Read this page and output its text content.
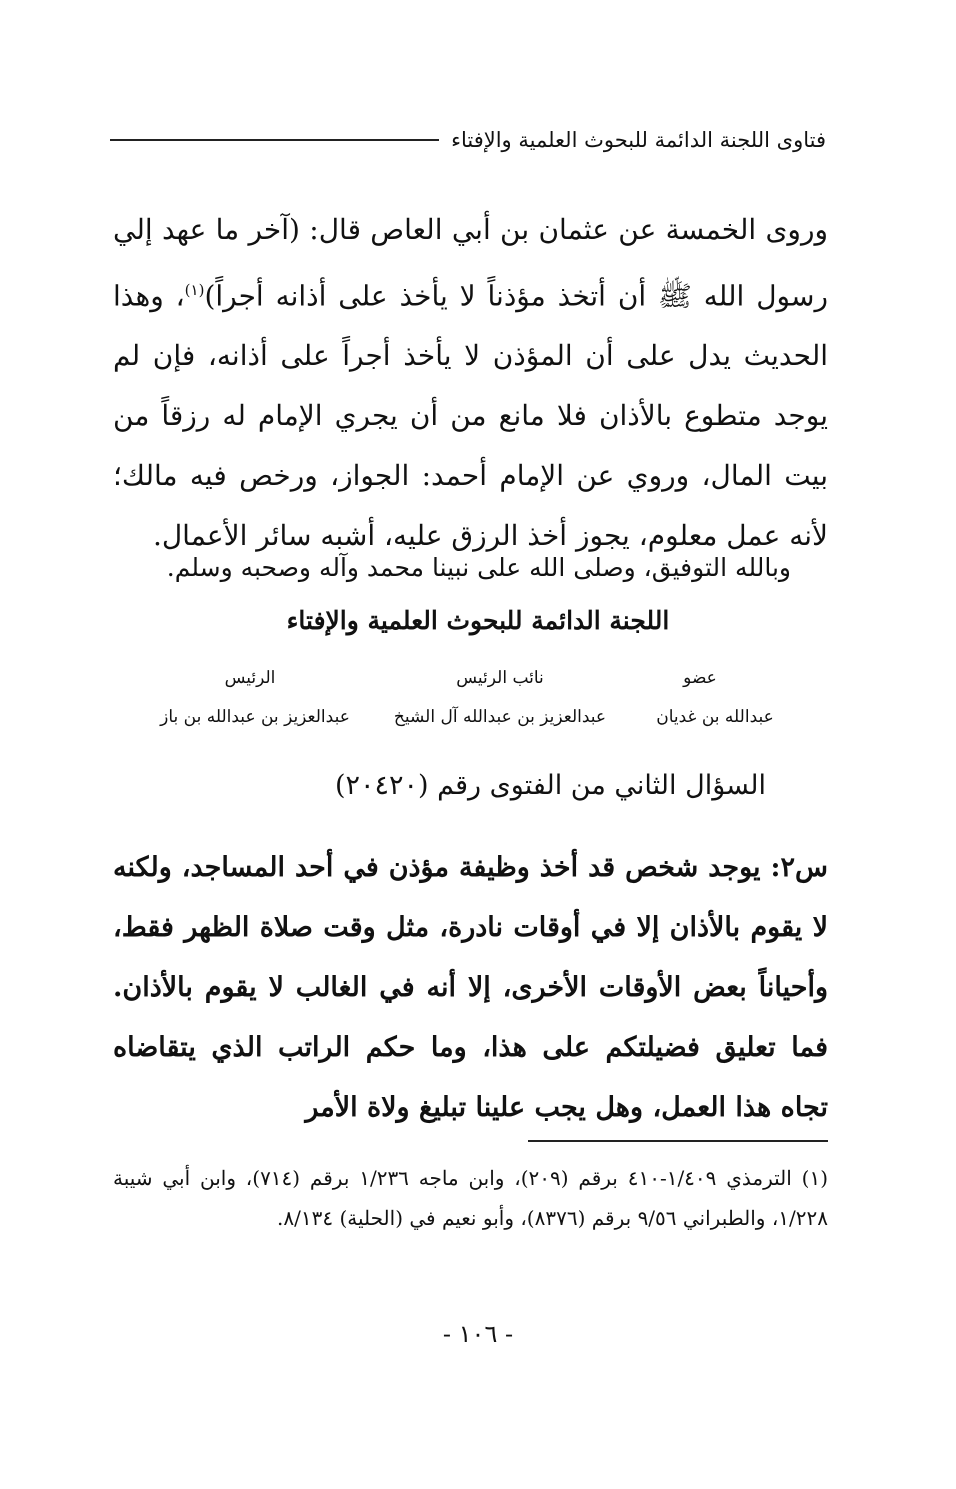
فتاوى اللجنة الدائمة للبحوث العلمية والإفتاء

وروى الخمسة عن عثمان بن أبي العاص قال: (آخر ما عهد إلي رسول الله ﷺ أن أتخذ مؤذناً لا يأخذ على أذانه أجراً)$^{(١)}$، وهذا الحديث يدل على أن المؤذن لا يأخذ أجراً على أذانه، فإن لم يوجد متطوع بالأذان فلا مانع من أن يجري الإمام له رزقاً من بيت المال، وروي عن الإمام أحمد: الجواز، ورخص فيه مالك؛ لأنه عمل معلوم، يجوز أخذ الرزق عليه، أشبه سائر الأعمال.

وبالله التوفيق، وصلى الله على نبينا محمد وآله وصحبه وسلم.
اللجنة الدائمة للبحوث العلمية والإفتاء
عضو
نائب الرئيس
الرئيس
عبدالله بن غديان
عبدالعزيز بن عبدالله آل الشيخ
عبدالعزيز بن عبدالله بن باز
السؤال الثاني من الفتوى رقم (٢٠٤٢٠)

س٢: يوجد شخص قد أخذ وظيفة مؤذن في أحد المساجد، ولكنه لا يقوم بالأذان إلا في أوقات نادرة، مثل وقت صلاة الظهر فقط، وأحياناً بعض الأوقات الأخرى، إلا أنه في الغالب لا يقوم بالأذان. فما تعليق فضيلتكم على هذا، وما حكم الراتب الذي يتقاضاه تجاه هذا العمل، وهل يجب علينا تبليغ ولاة الأمر

(١) الترمذي ١/٤٠٩-٤١٠ برقم (٢٠٩)، وابن ماجه ١/٢٣٦ برقم (٧١٤)، وابن أبي شيبة ١/٢٢٨، والطبراني ٩/٥٦ برقم (٨٣٧٦)، وأبو نعيم في (الحلية) ٨/١٣٤.

- ١٠٦ -
